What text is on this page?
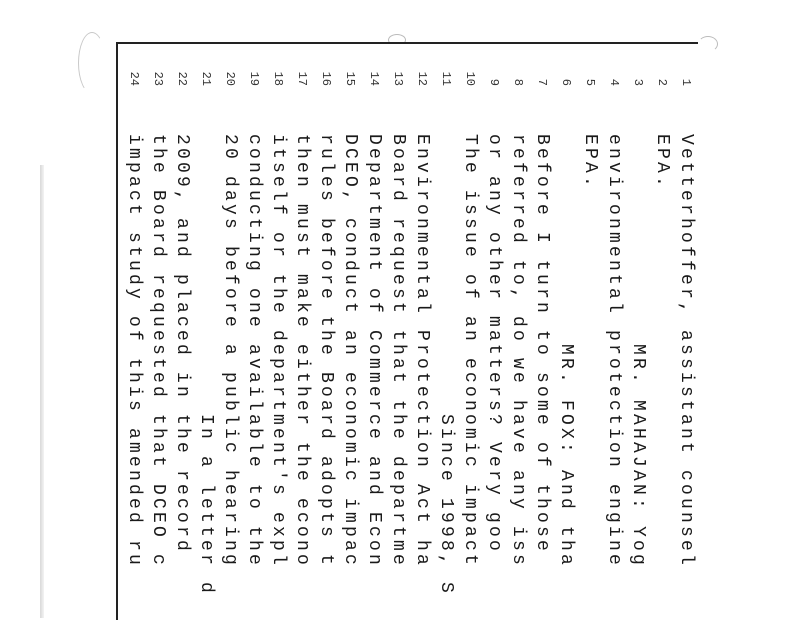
1
Vetterhoffer, assistant counsel
2
EPA.
3
MR. MAHAJAN: Yog
4
environmental protection engine
5
EPA.
6
MR. FOX: And tha
7
Before I turn to some of those
8
referred to, do we have any iss
9
or any other matters? Very goo
10
The issue of an economic impact
11
Since 1998, S
12
Environmental Protection Act ha
13
Board request that the departme
14
Department of Commerce and Econ
15
DCEO, conduct an economic impac
16
rules before the Board adopts t
17
then must make either the econo
18
itself or the department's expl
19
conducting one available to the
20
20 days before a public hearing
21
In a letter d
22
2009, and placed in the record
23
the Board requested that DCEO c
24
impact study of this amended ru
